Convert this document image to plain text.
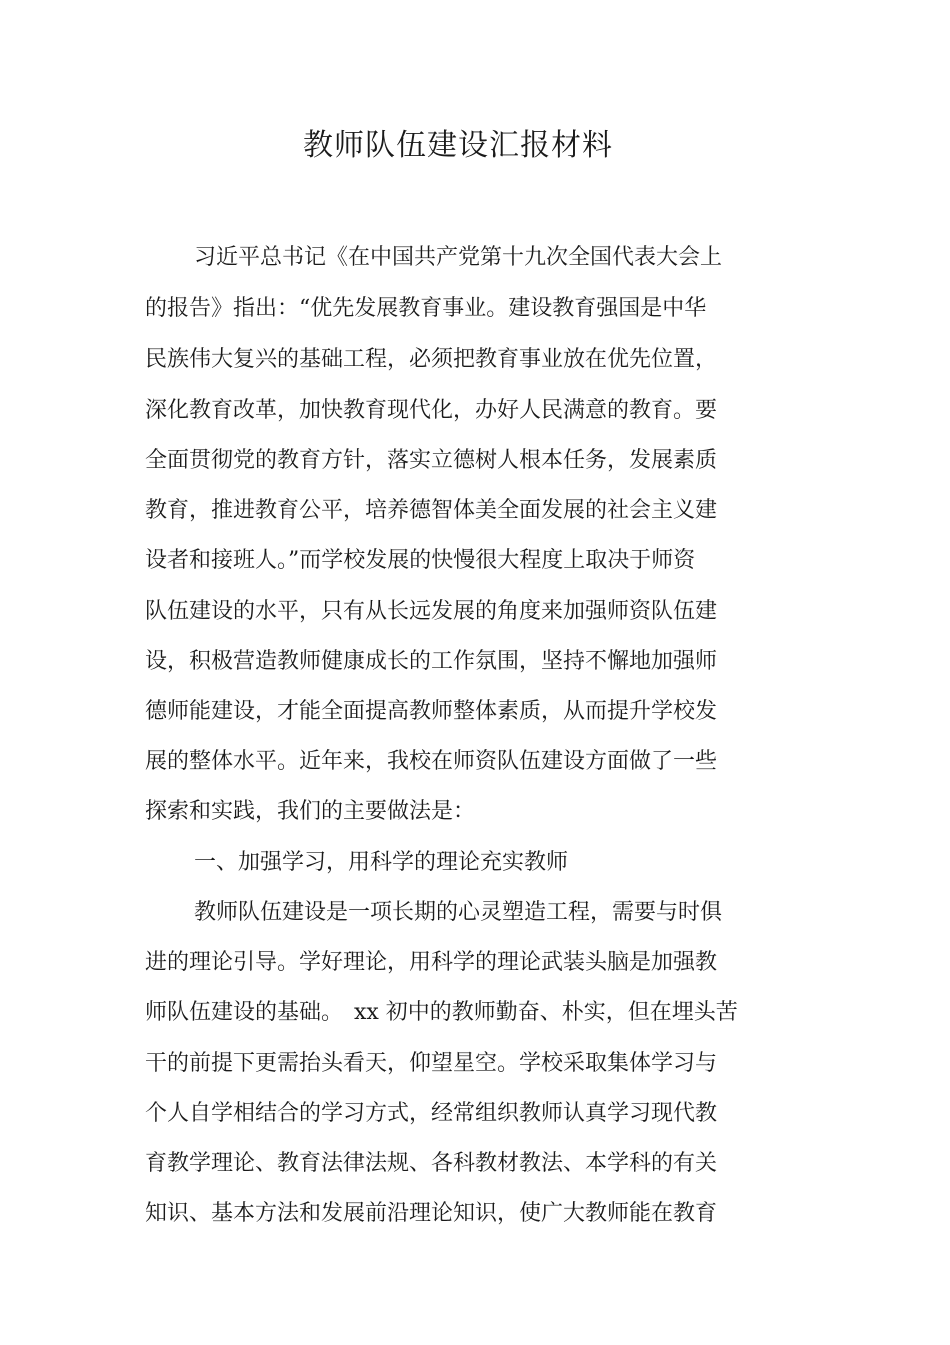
教师队伍建设汇报材料

习近平总书记《在中国共产党第十九次全国代表大会上

的报告》指出：“优先发展教育事业。建设教育强国是中华

民族伟大复兴的基础工程，必须把教育事业放在优先位置，

深化教育改革，加快教育现代化，办好人民满意的教育。要

全面贯彻党的教育方针，落实立德树人根本任务，发展素质

教育，推进教育公平，培养德智体美全面发展的社会主义建

设者和接班人。”而学校发展的快慢很大程度上取决于师资

队伍建设的水平，只有从长远发展的角度来加强师资队伍建

设，积极营造教师健康成长的工作氛围，坚持不懈地加强师

德师能建设，才能全面提高教师整体素质，从而提升学校发

展的整体水平。近年来，我校在师资队伍建设方面做了一些

探索和实践，我们的主要做法是：

一、加强学习，用科学的理论充实教师

教师队伍建设是一项长期的心灵塑造工程，需要与时俱

进的理论引导。学好理论，用科学的理论武装头脑是加强教

师队伍建设的基础。　xx 初中的教师勤奋、朴实，但在埋头苦

干的前提下更需抬头看天，仰望星空。学校采取集体学习与

个人自学相结合的学习方式，经常组织教师认真学习现代教

育教学理论、教育法律法规、各科教材教法、本学科的有关

知识、基本方法和发展前沿理论知识，使广大教师能在教育
